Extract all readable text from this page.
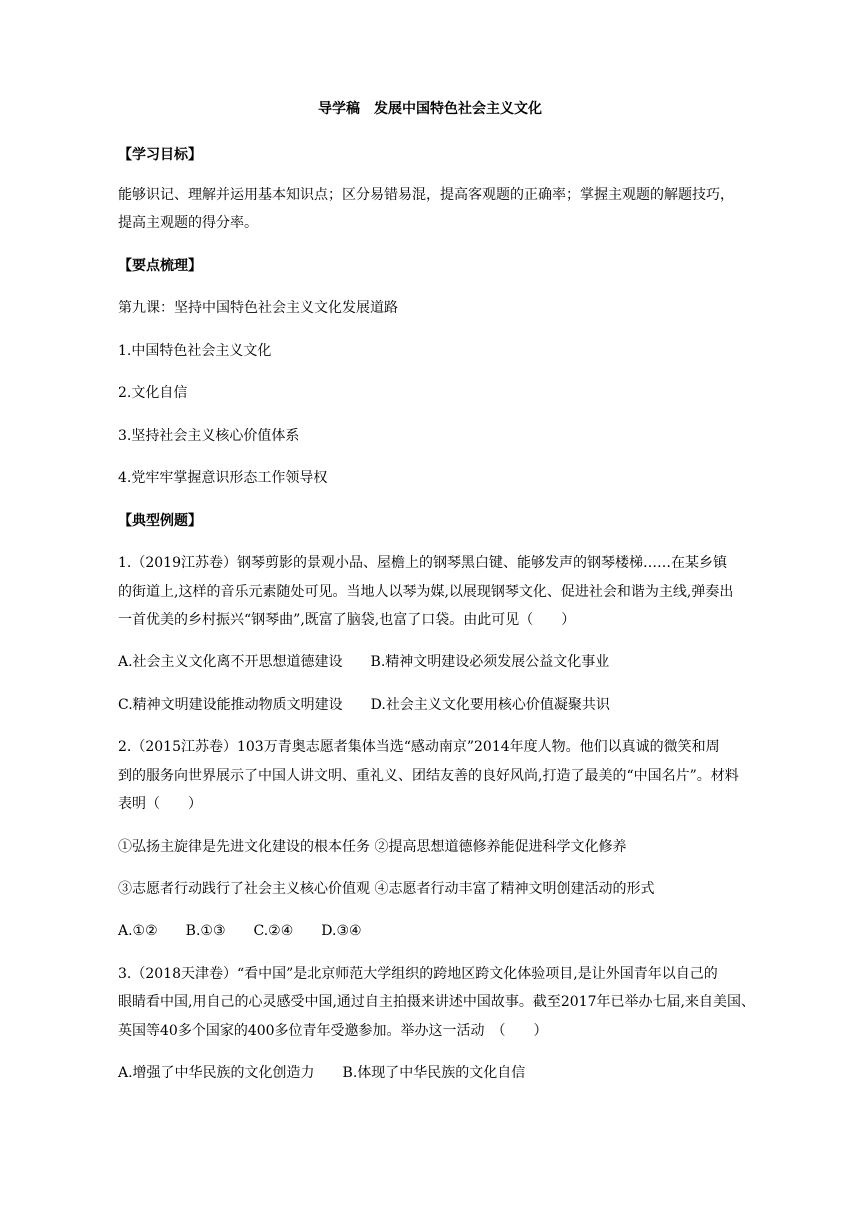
导学稿　发展中国特色社会主义文化
【学习目标】
能够识记、理解并运用基本知识点；区分易错易混，提高客观题的正确率；掌握主观题的解题技巧，
提高主观题的得分率。
【要点梳理】
第九课：坚持中国特色社会主义文化发展道路
1.中国特色社会主义文化
2.文化自信
3.坚持社会主义核心价值体系
4.党牢牢掌握意识形态工作领导权
【典型例题】
1.（2019江苏卷）钢琴剪影的景观小品、屋檐上的钢琴黑白键、能够发声的钢琴楼梯……在某乡镇
的街道上,这样的音乐元素随处可见。当地人以琴为媒,以展现钢琴文化、促进社会和谐为主线,弹奏出
一首优美的乡村振兴“钢琴曲”,既富了脑袋,也富了口袋。由此可见（　　）
A.社会主义文化离不开思想道德建设　　B.精神文明建设必须发展公益文化事业
C.精神文明建设能推动物质文明建设　　D.社会主义文化要用核心价值凝聚共识
2.（2015江苏卷）103万青奥志愿者集体当选“感动南京”2014年度人物。他们以真诚的微笑和周
到的服务向世界展示了中国人讲文明、重礼义、团结友善的良好风尚,打造了最美的“中国名片”。材料
表明（　　）
①弘扬主旋律是先进文化建设的根本任务 ②提高思想道德修养能促进科学文化修养
③志愿者行动践行了社会主义核心价值观 ④志愿者行动丰富了精神文明创建活动的形式
A.①②　　B.①③　　C.②④　　D.③④
3.（2018天津卷）“看中国”是北京师范大学组织的跨地区跨文化体验项目,是让外国青年以自己的
眼睛看中国,用自己的心灵感受中国,通过自主拍摄来讲述中国故事。截至2017年已举办七届,来自美国、
英国等40多个国家的400多位青年受邀参加。举办这一活动　（　　）
A.增强了中华民族的文化创造力　　B.体现了中华民族的文化自信
